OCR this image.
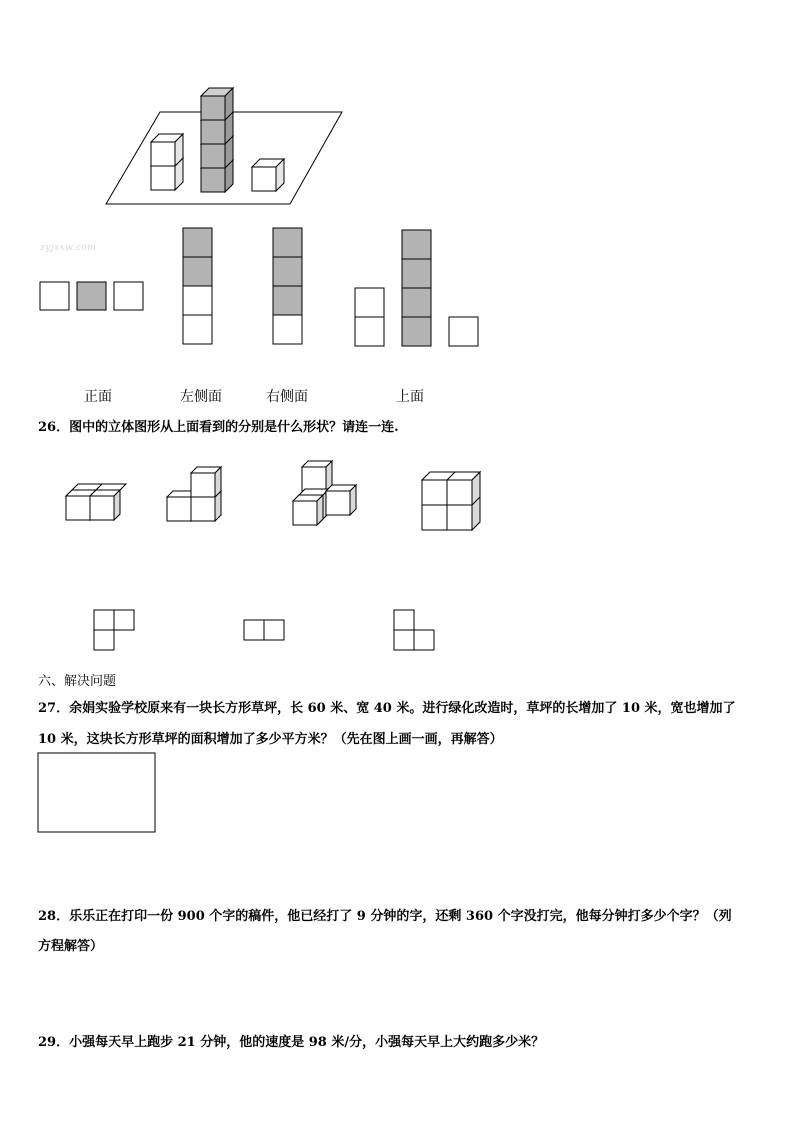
zyjxxw.com
正面	左侧面	右侧面	上面
26．图中的立体图形从上面看到的分别是什么形状？请连一连.
六、解决问题
27．余娟实验学校原来有一块长方形草坪，长 60 米、宽 40 米。进行绿化改造时，草坪的长增加了 10 米，宽也增加了
10 米，这块长方形草坪的面积增加了多少平方米？（先在图上画一画，再解答）
28．乐乐正在打印一份 900 个字的稿件，他已经打了 9 分钟的字，还剩 360 个字没打完，他每分钟打多少个字？（列
方程解答）
29．小强每天早上跑步 21 分钟，他的速度是 98 米/分，小强每天早上大约跑多少米？
